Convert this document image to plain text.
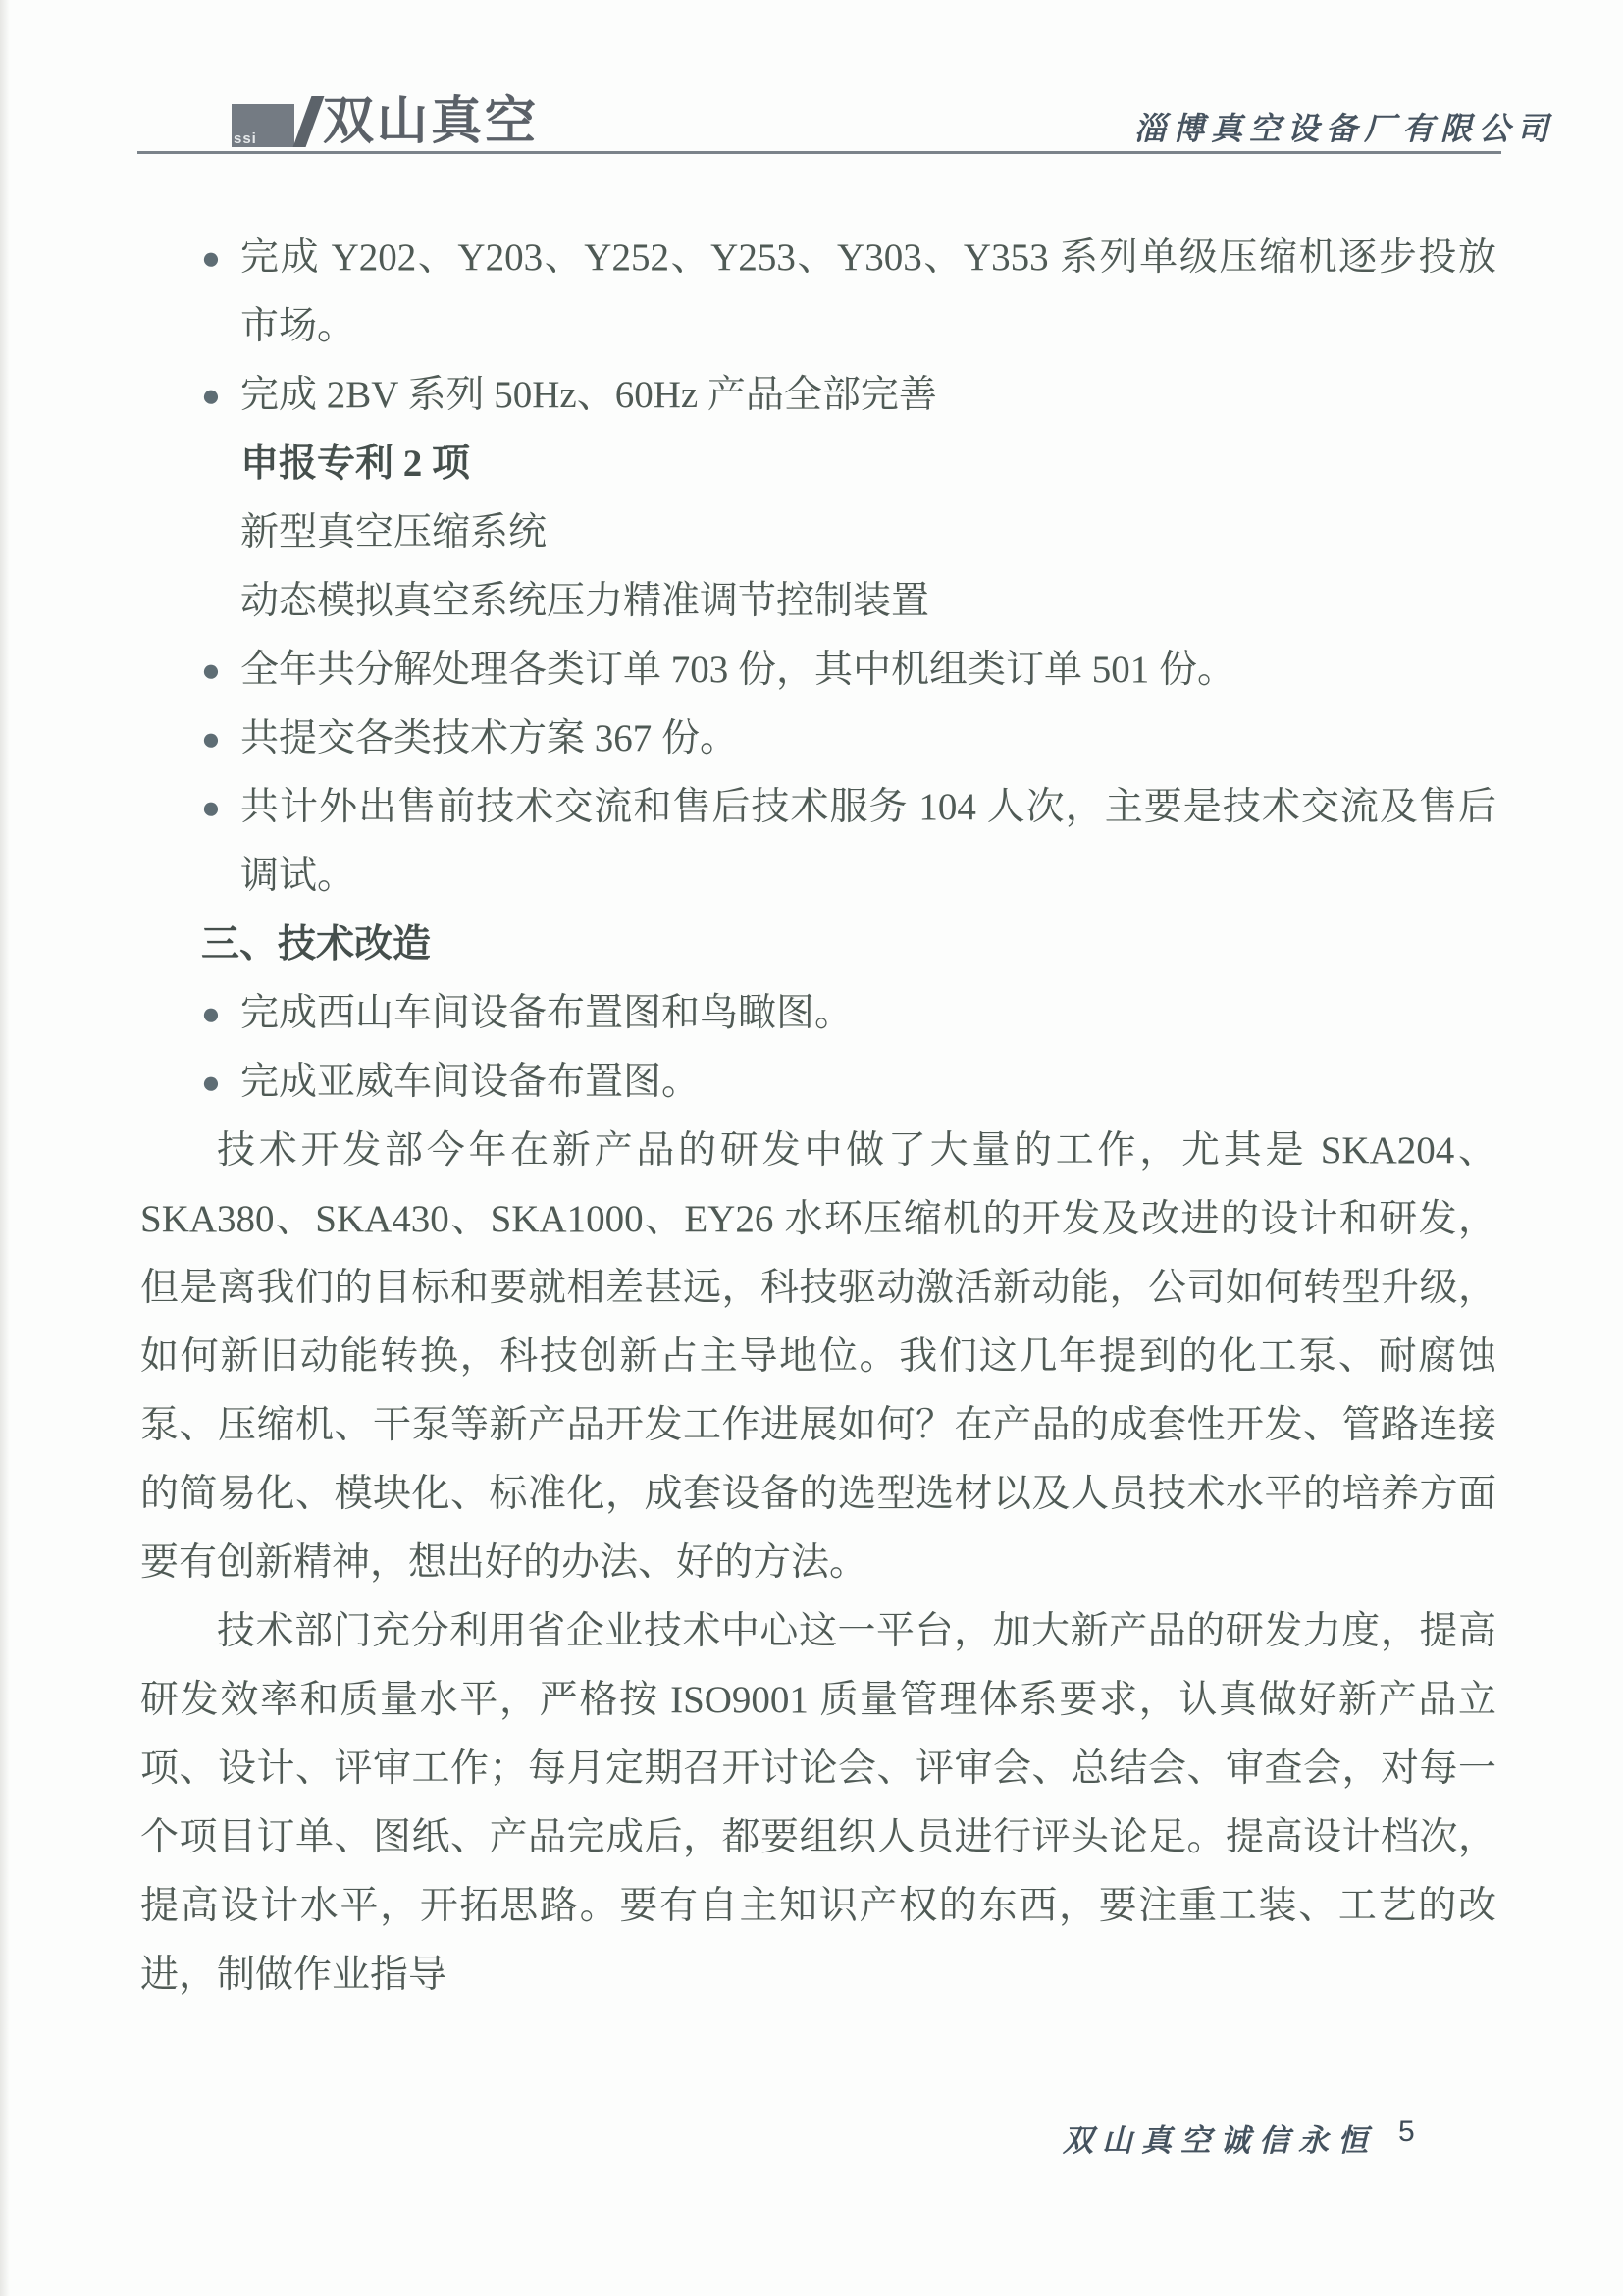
ssi 双山真空	淄博真空设备厂有限公司
● 完成 Y202、Y203、Y252、Y253、Y303、Y353 系列单级压缩机逐步投放市场。
● 完成 2BV 系列 50Hz、60Hz 产品全部完善
申报专利 2 项
新型真空压缩系统
动态模拟真空系统压力精准调节控制装置
● 全年共分解处理各类订单 703 份，其中机组类订单 501 份。
● 共提交各类技术方案 367 份。
● 共计外出售前技术交流和售后技术服务 104 人次，主要是技术交流及售后调试。
三、技术改造
● 完成西山车间设备布置图和鸟瞰图。
● 完成亚威车间设备布置图。
技术开发部今年在新产品的研发中做了大量的工作，尤其是 SKA204、SKA380、SKA430、SKA1000、EY26 水环压缩机的开发及改进的设计和研发，但是离我们的目标和要就相差甚远，科技驱动激活新动能，公司如何转型升级，如何新旧动能转换，科技创新占主导地位。我们这几年提到的化工泵、耐腐蚀泵、压缩机、干泵等新产品开发工作进展如何？在产品的成套性开发、管路连接的简易化、模块化、标准化，成套设备的选型选材以及人员技术水平的培养方面要有创新精神，想出好的办法、好的方法。
技术部门充分利用省企业技术中心这一平台，加大新产品的研发力度，提高研发效率和质量水平，严格按 ISO9001 质量管理体系要求，认真做好新产品立项、设计、评审工作；每月定期召开讨论会、评审会、总结会、审查会，对每一个项目订单、图纸、产品完成后，都要组织人员进行评头论足。提高设计档次，提高设计水平，开拓思路。要有自主知识产权的东西，要注重工装、工艺的改进，制做作业指导
双山真空 诚信永恒 5
